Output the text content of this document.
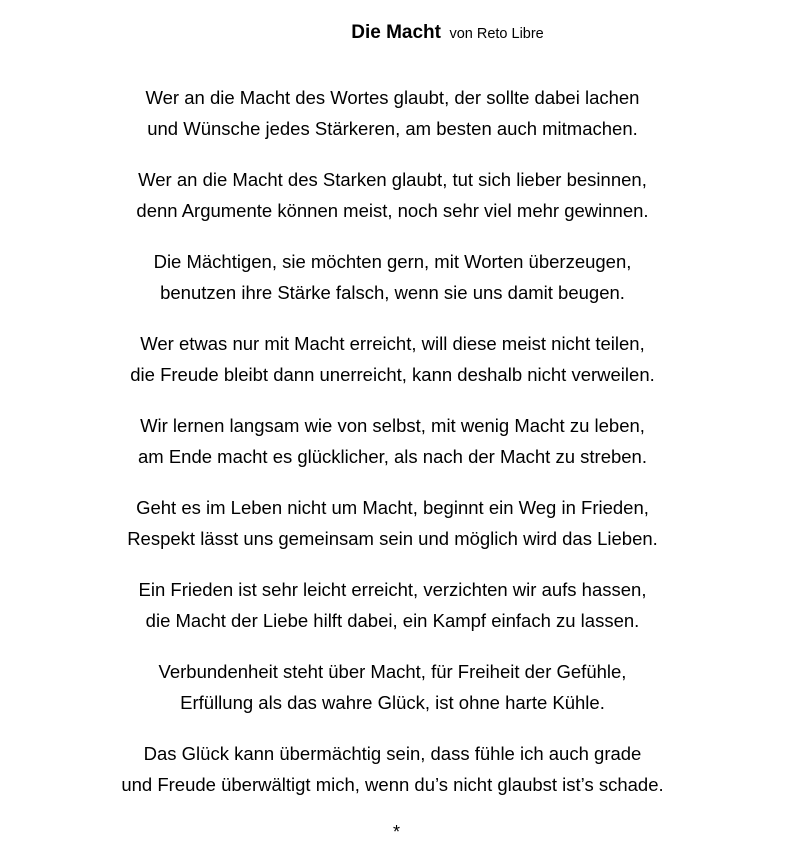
Die Macht von Reto Libre
Wer an die Macht des Wortes glaubt, der sollte dabei lachen
und Wünsche jedes Stärkeren, am besten auch mitmachen.
Wer an die Macht des Starken glaubt, tut sich lieber besinnen,
denn Argumente können meist, noch sehr viel mehr gewinnen.
Die Mächtigen, sie möchten gern, mit Worten überzeugen,
benutzen ihre Stärke falsch, wenn sie uns damit beugen.
Wer etwas nur mit Macht erreicht, will diese meist nicht teilen,
die Freude bleibt dann unerreicht, kann deshalb nicht verweilen.
Wir lernen langsam wie von selbst, mit wenig Macht zu leben,
am Ende macht es glücklicher, als nach der Macht zu streben.
Geht es im Leben nicht um Macht, beginnt ein Weg in Frieden,
Respekt lässt uns gemeinsam sein und möglich wird das Lieben.
Ein Frieden ist sehr leicht erreicht, verzichten wir aufs hassen,
die Macht der Liebe hilft dabei, ein Kampf einfach zu lassen.
Verbundenheit steht über Macht, für Freiheit der Gefühle,
Erfüllung als das wahre Glück, ist ohne harte Kühle.
Das Glück kann übermächtig sein, dass fühle ich auch grade
und Freude überwältigt mich, wenn du’s nicht glaubst ist’s schade.
*
